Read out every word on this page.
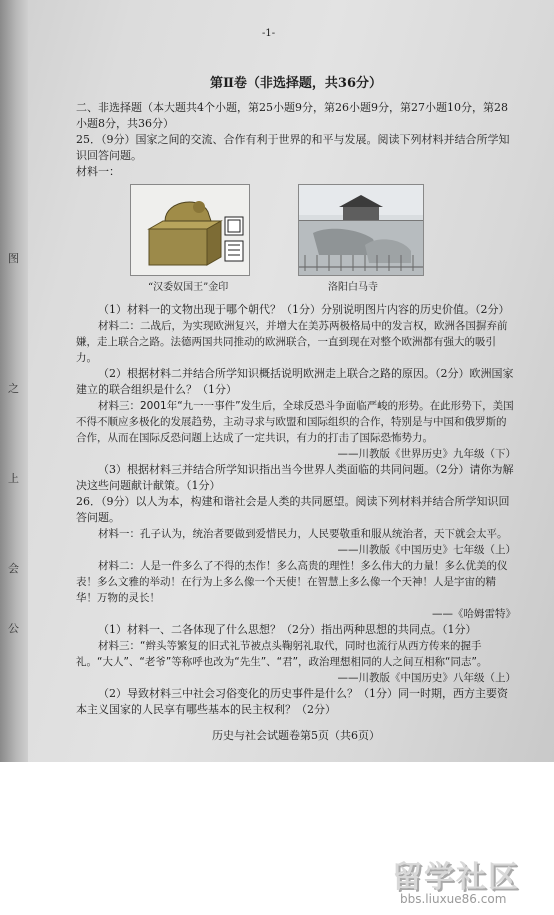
图
之
上
会
公
-1-

第Ⅱ卷（非选择题，共36分）

二、非选择题（本大题共4个小题，第25小题9分，第26小题9分，第27小题10分，第28小题8分，共36分）

25．（9分）国家之间的交流、合作有利于世界的和平与发展。阅读下列材料并结合所学知识回答问题。

材料一：

“汉委奴国王”金印	洛阳白马寺

（1）材料一的文物出现于哪个朝代？（1分）分别说明图片内容的历史价值。（2分）

材料二：二战后，为实现欧洲复兴，并增大在美苏两极格局中的发言权，欧洲各国摒弃前嫌，走上联合之路。法德两国共同推动的欧洲联合，一直到现在对整个欧洲都有强大的吸引力。

（2）根据材料二并结合所学知识概括说明欧洲走上联合之路的原因。（2分）欧洲国家建立的联合组织是什么？（1分）

材料三：2001年“九一一事件”发生后，全球反恐斗争面临严峻的形势。在此形势下，美国不得不顺应多极化的发展趋势，主动寻求与欧盟和国际组织的合作，特别是与中国和俄罗斯的合作，从而在国际反恐问题上达成了一定共识，有力的打击了国际恐怖势力。

——川教版《世界历史》九年级（下）

（3）根据材料三并结合所学知识指出当今世界人类面临的共同问题。（2分）请你为解决这些问题献计献策。（1分）

26．（9分）以人为本，构建和谐社会是人类的共同愿望。阅读下列材料并结合所学知识回答问题。

材料一：孔子认为，统治者要做到爱惜民力，人民要敬重和服从统治者，天下就会太平。

——川教版《中国历史》七年级（上）

材料二：人是一件多么了不得的杰作！多么高贵的理性！多么伟大的力量！多么优美的仪表！多么文雅的举动！在行为上多么像一个天使！在智慧上多么像一个天神！人是宇宙的精华！万物的灵长！

——《哈姆雷特》

（1）材料一、二各体现了什么思想？（2分）指出两种思想的共同点。（1分）

材料三：“辫头等繁复的旧式礼节被点头鞠躬礼取代，同时也流行从西方传来的握手礼。“大人”、“老爷”等称呼也改为“先生”、“君”，政治理想相同的人之间互相称“同志”。

——川教版《中国历史》八年级（上）

（2）导致材料三中社会习俗变化的历史事件是什么？（1分）同一时期，西方主要资本主义国家的人民享有哪些基本的民主权利？（2分）

历史与社会试题卷第5页（共6页）

留学社区
bbs.liuxue86.com
